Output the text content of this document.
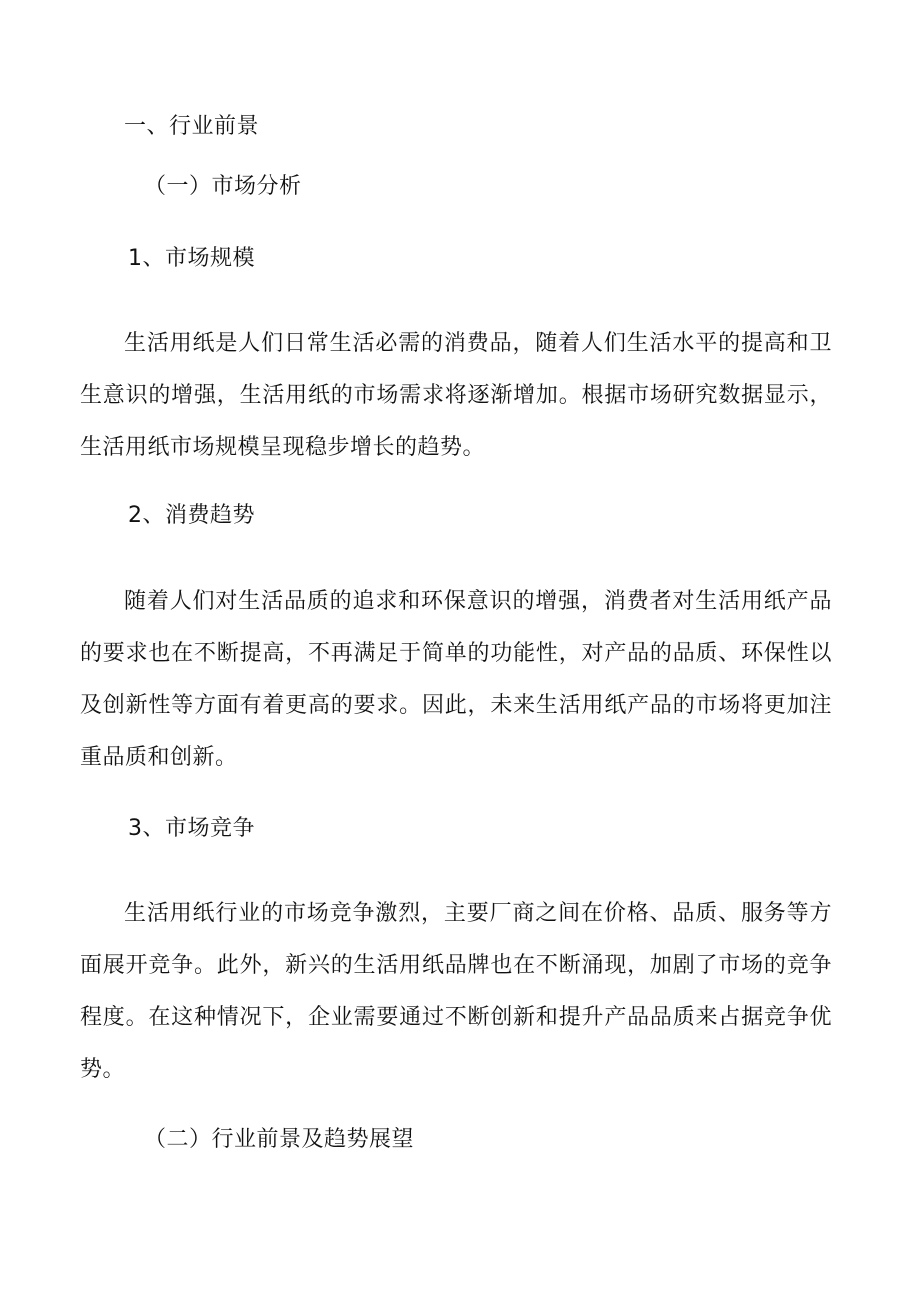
一、行业前景
（一）市场分析
1、市场规模
生活用纸是人们日常生活必需的消费品，随着人们生活水平的提高和卫生意识的增强，生活用纸的市场需求将逐渐增加。根据市场研究数据显示，生活用纸市场规模呈现稳步增长的趋势。
2、消费趋势
随着人们对生活品质的追求和环保意识的增强，消费者对生活用纸产品的要求也在不断提高，不再满足于简单的功能性，对产品的品质、环保性以及创新性等方面有着更高的要求。因此，未来生活用纸产品的市场将更加注重品质和创新。
3、市场竞争
生活用纸行业的市场竞争激烈，主要厂商之间在价格、品质、服务等方面展开竞争。此外，新兴的生活用纸品牌也在不断涌现，加剧了市场的竞争程度。在这种情况下，企业需要通过不断创新和提升产品品质来占据竞争优势。
（二）行业前景及趋势展望
